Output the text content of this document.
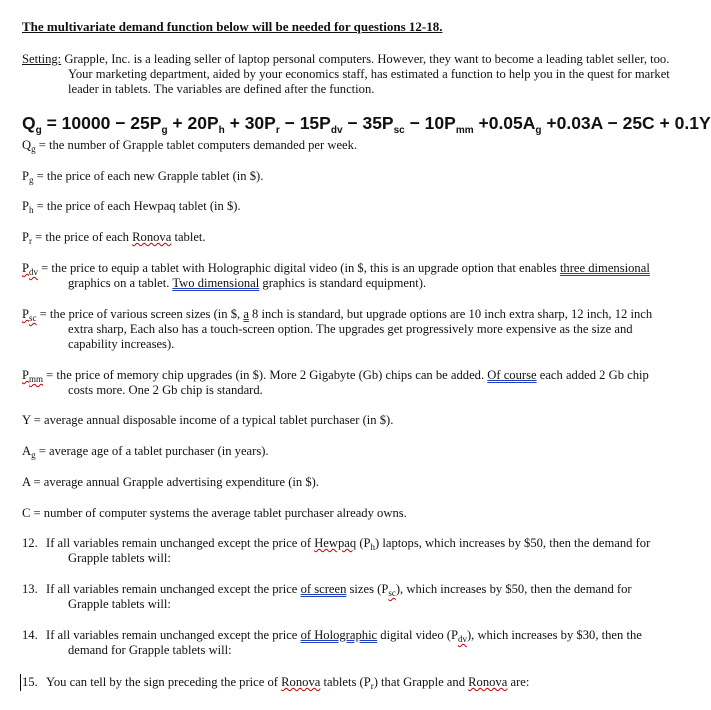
The multivariate demand function below will be needed for questions 12-18.
Setting: Grapple, Inc. is a leading seller of laptop personal computers. However, they want to become a leading tablet seller, too. Your marketing department, aided by your economics staff, has estimated a function to help you in the quest for market leader in tablets. The variables are defined after the function.
$Q_g = 10000 - 25P_g + 20P_h + 30P_r - 15P_{dv} - 35P_{sc} - 10P_{mm} +0.05A_g +0.03A - 25C + 0.1Y$
$Q_g$ = the number of Grapple tablet computers demanded per week.
$P_g$ = the price of each new Grapple tablet (in $).
$P_h$ = the price of each Hewpaq tablet (in $).
$P_r$ = the price of each Ronova tablet.
$P_{dv}$ = the price to equip a tablet with Holographic digital video (in $, this is an upgrade option that enables three dimensional graphics on a tablet. Two dimensional graphics is standard equipment).
$P_{sc}$ = the price of various screen sizes (in $, a 8 inch is standard, but upgrade options are 10 inch extra sharp, 12 inch, 12 inch extra sharp, Each also has a touch-screen option. The upgrades get progressively more expensive as the size and capability increases).
$P_{mm}$ = the price of memory chip upgrades (in $). More 2 Gigabyte (Gb) chips can be added. Of course each added 2 Gb chip costs more. One 2 Gb chip is standard.
Y = average annual disposable income of a typical tablet purchaser (in $).
$A_g$ = average age of a tablet purchaser (in years).
A = average annual Grapple advertising expenditure (in $).
C = number of computer systems the average tablet purchaser already owns.
12. If all variables remain unchanged except the price of Hewpaq $(P_h)$ laptops, which increases by $50, then the demand for Grapple tablets will:
13. If all variables remain unchanged except the price of screen sizes $(P_{sc})$, which increases by $50, then the demand for Grapple tablets will:
14. If all variables remain unchanged except the price of Holographic digital video $(P_{dv})$, which increases by $30, then the demand for Grapple tablets will:
15. You can tell by the sign preceding the price of Ronova tablets $(P_r)$ that Grapple and Ronova are:
